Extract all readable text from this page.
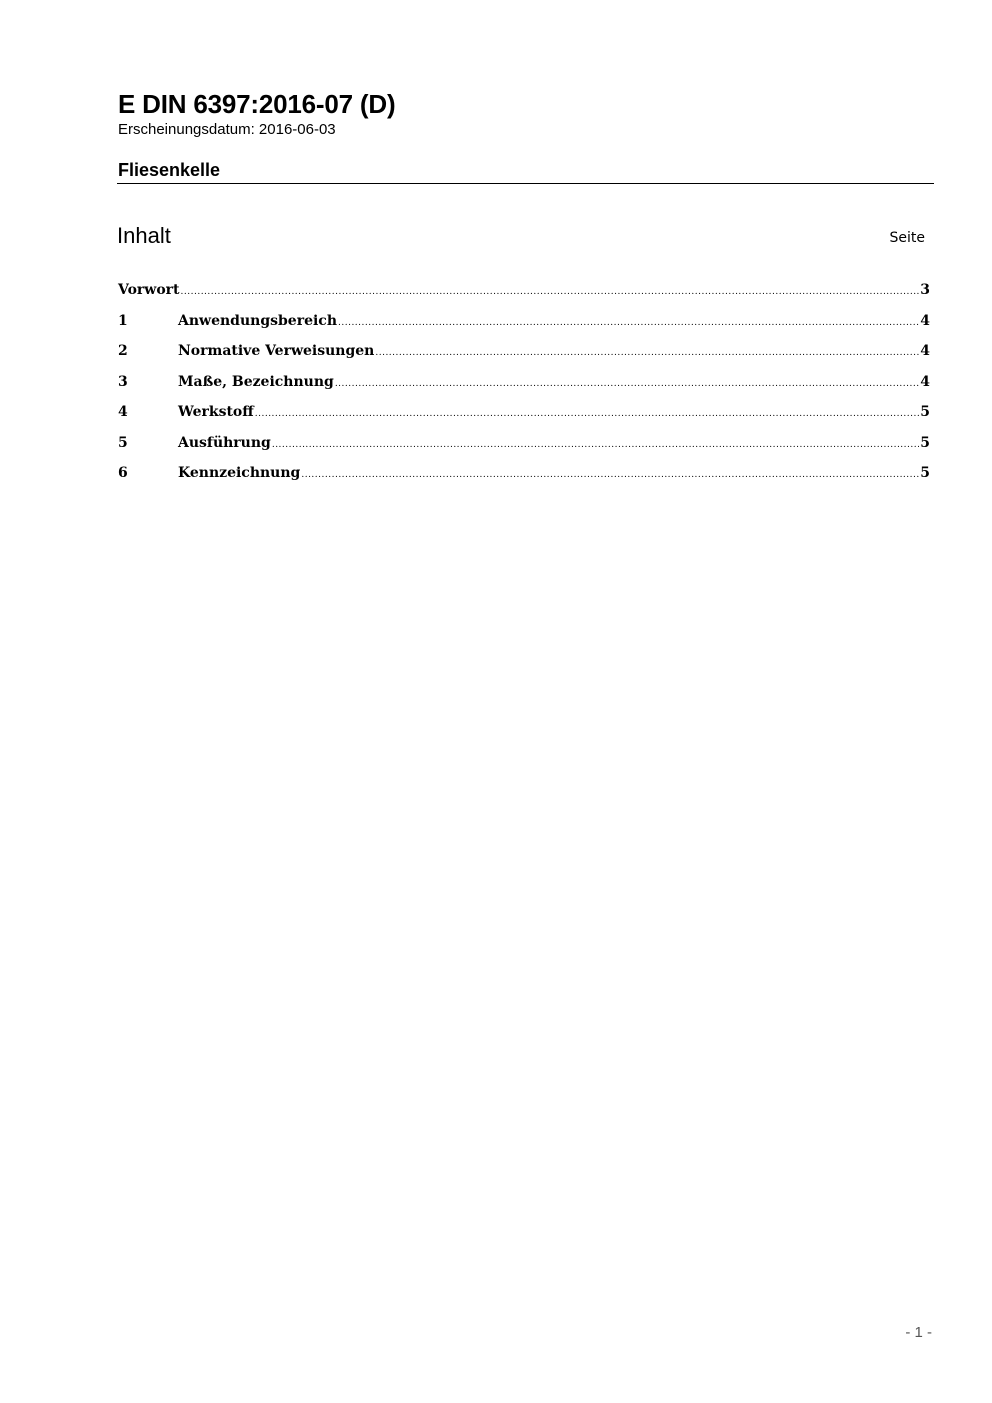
E DIN 6397:2016-07 (D)
Erscheinungsdatum: 2016-06-03
Fliesenkelle
Inhalt	Seite
Vorwort .....	3
1	Anwendungsbereich .....	4
2	Normative Verweisungen .....	4
3	Maße, Bezeichnung .....	4
4	Werkstoff .....	5
5	Ausführung .....	5
6	Kennzeichnung .....	5
- 1 -
